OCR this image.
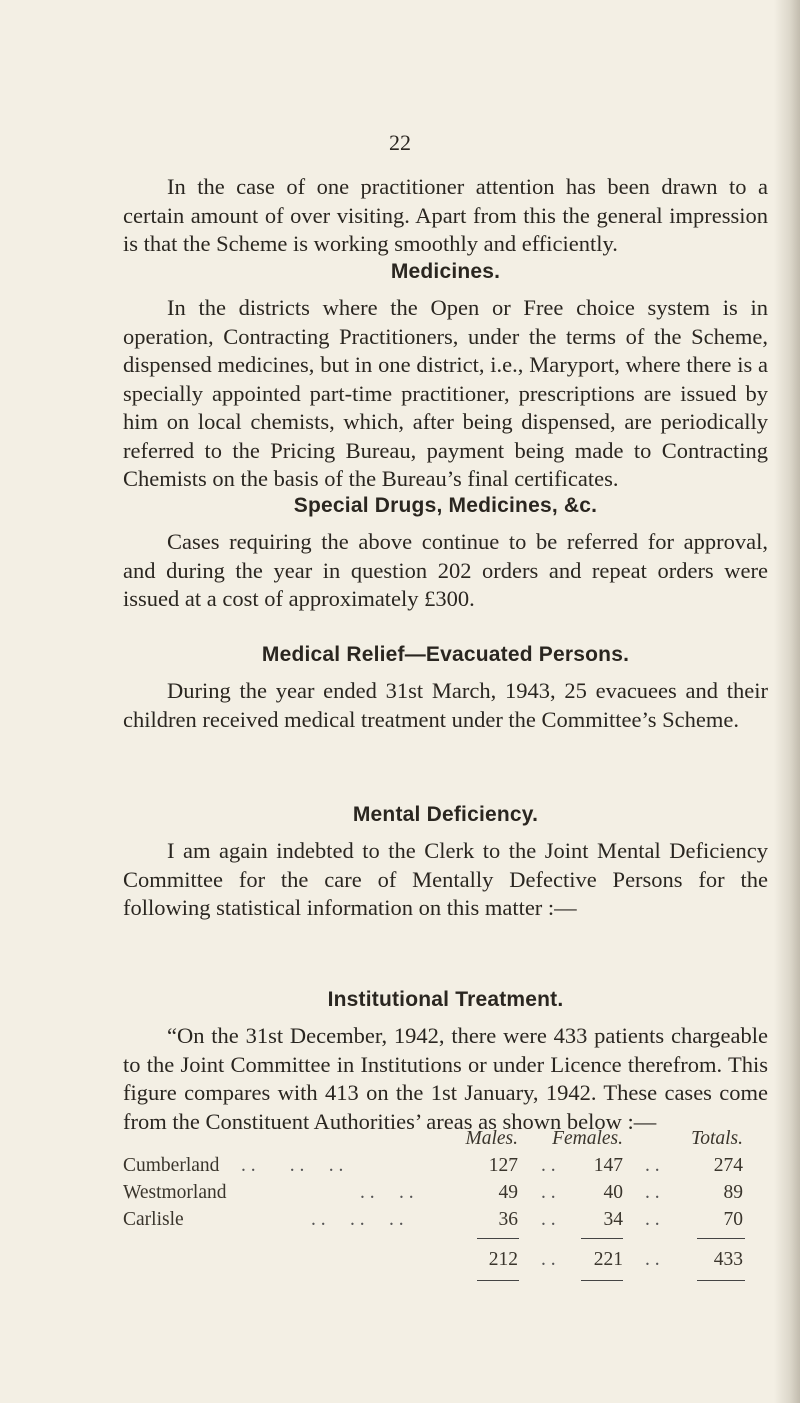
22

In the case of one practitioner attention has been drawn to a certain amount of over visiting. Apart from this the general impression is that the Scheme is working smoothly and efficiently.

Medicines.

In the districts where the Open or Free choice system is in operation, Contracting Practitioners, under the terms of the Scheme, dispensed medicines, but in one district, i.e., Maryport, where there is a specially appointed part-time practitioner, prescriptions are issued by him on local chemists, which, after being dispensed, are periodically referred to the Pricing Bureau, payment being made to Contracting Chemists on the basis of the Bureau’s final certificates.

Special Drugs, Medicines, &c.

Cases requiring the above continue to be referred for approval, and during the year in question 202 orders and repeat orders were issued at a cost of approximately £300.

Medical Relief—Evacuated Persons.

During the year ended 31st March, 1943, 25 evacuees and their children received medical treatment under the Committee’s Scheme.

Mental Deficiency.

I am again indebted to the Clerk to the Joint Mental Deficiency Committee for the care of Mentally Defective Persons for the following statistical information on this matter :—

Institutional Treatment.

“On the 31st December, 1942, there were 433 patients chargeable to the Joint Committee in Institutions or under Licence therefrom. This figure compares with 413 on the 1st January, 1942. These cases come from the Constituent Authorities’ areas as shown below :—

Males. Females.	Totals.
Cumberland . .       . .     . .	127 . . 147 . .	274
Westmorland	. .     . .	49 . . 40 . .	89
Carlisle	. .     . .     . .	36 . . 34 . .	70
212 . . 221 . .	433
